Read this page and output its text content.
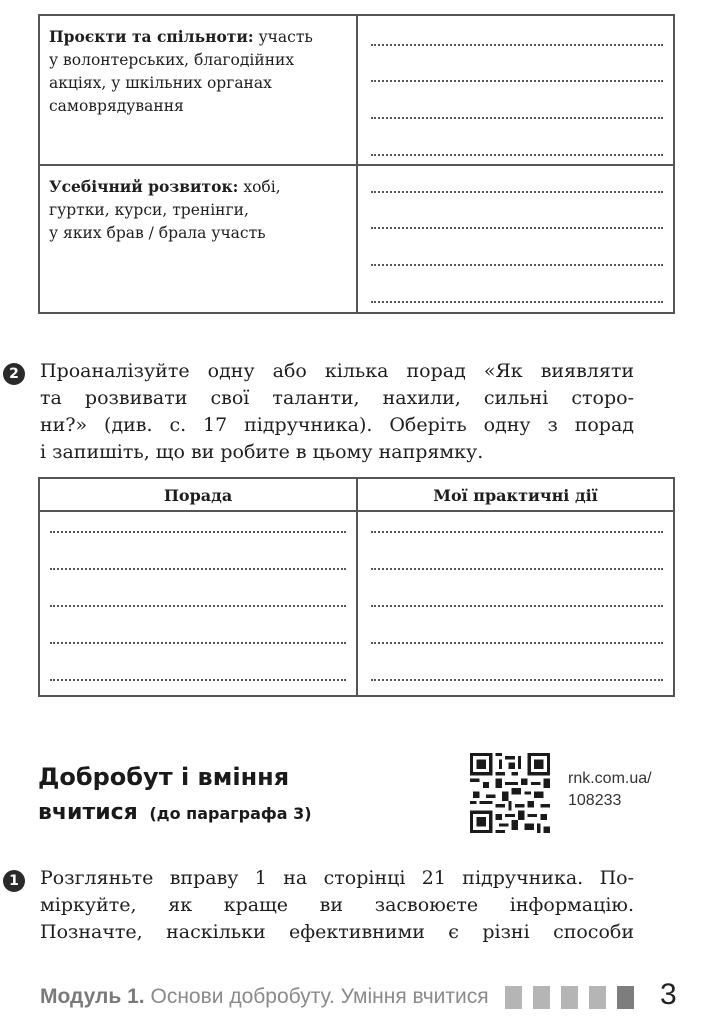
Проєкти та спільноти: участь
у волонтерських, благодійних
акціях, у шкільних органах
самоврядування
Усебічний розвиток: хобі,
гуртки, курси, тренінги,
у яких брав / брала участь
2	Проаналізуйте одну або кілька порад «Як виявляти
та розвивати свої таланти, нахили, сильні сторо-
ни?» (див. с. 17 підручника). Оберіть одну з порад
і запишіть, що ви робите в цьому напрямку.
Порада	Мої практичні дії
Добробут і вміння
вчитися (до параграфа 3)
rnk.com.ua/
108233
1	Розгляньте вправу 1 на сторінці 21 підручника. По-
міркуйте, як краще ви засвоюєте інформацію.
Позначте, наскільки ефективними є різні способи
Модуль 1. Основи добробуту. Уміння вчитися	3
